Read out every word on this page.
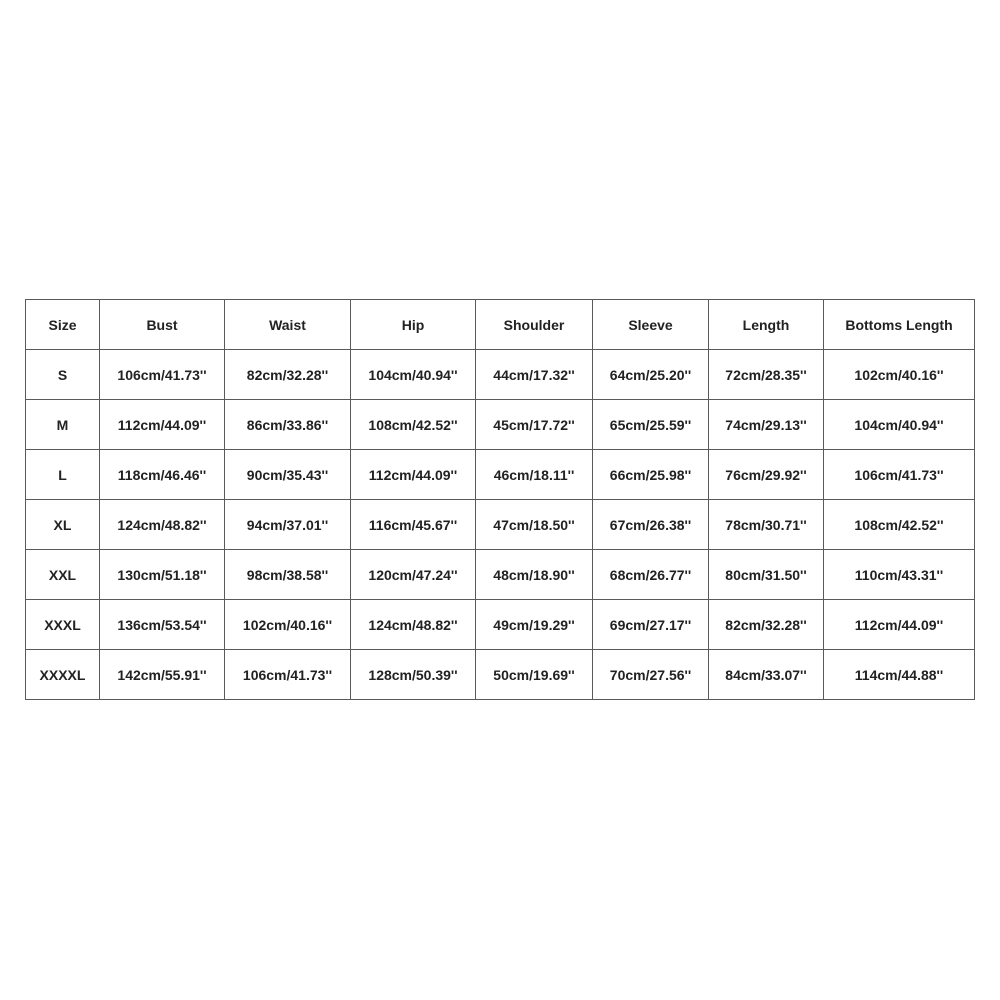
Size	Bust	Waist	Hip	Shoulder	Sleeve	Length	Bottoms Length
S	106cm/41.73''	82cm/32.28''	104cm/40.94''	44cm/17.32''	64cm/25.20''	72cm/28.35''	102cm/40.16''
M	112cm/44.09''	86cm/33.86''	108cm/42.52''	45cm/17.72''	65cm/25.59''	74cm/29.13''	104cm/40.94''
L	118cm/46.46''	90cm/35.43''	112cm/44.09''	46cm/18.11''	66cm/25.98''	76cm/29.92''	106cm/41.73''
XL	124cm/48.82''	94cm/37.01''	116cm/45.67''	47cm/18.50''	67cm/26.38''	78cm/30.71''	108cm/42.52''
XXL	130cm/51.18''	98cm/38.58''	120cm/47.24''	48cm/18.90''	68cm/26.77''	80cm/31.50''	110cm/43.31''
XXXL	136cm/53.54''	102cm/40.16''	124cm/48.82''	49cm/19.29''	69cm/27.17''	82cm/32.28''	112cm/44.09''
XXXXL	142cm/55.91''	106cm/41.73''	128cm/50.39''	50cm/19.69''	70cm/27.56''	84cm/33.07''	114cm/44.88''
